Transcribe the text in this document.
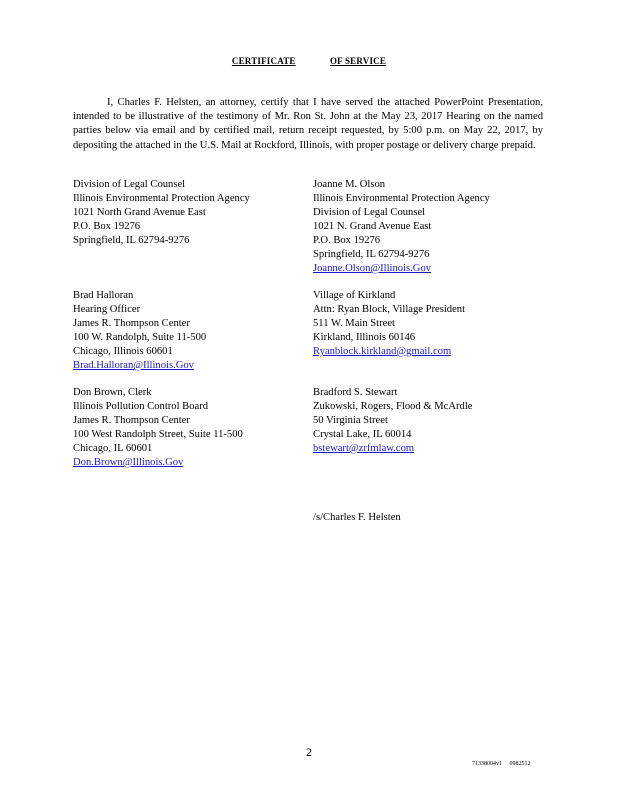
CERTIFICATE	OF SERVICE
I, Charles F. Helsten, an attorney, certify that I have served the attached PowerPoint Presentation, intended to be illustrative of the testimony of Mr. Ron St. John at the May 23, 2017 Hearing on the named parties below via email and by certified mail, return receipt requested, by 5:00 p.m. on May 22, 2017, by depositing the attached in the U.S. Mail at Rockford, Illinois, with proper postage or delivery charge prepaid.
Division of Legal Counsel
Illinois Environmental Protection Agency
1021 North Grand Avenue East
P.O. Box 19276
Springfield, IL 62794-9276
Joanne M. Olson
Illinois Environmental Protection Agency
Division of Legal Counsel
1021 N. Grand Avenue East
P.O. Box 19276
Springfield, IL 62794-9276
Joanne.Olson@Illinois.Gov
Brad Halloran
Hearing Officer
James R. Thompson Center
100 W. Randolph, Suite 11-500
Chicago, Illinois 60601
Brad.Halloran@Illinois.Gov
Village of Kirkland
Attn: Ryan Block, Village President
511 W. Main Street
Kirkland, Illinois 60146
Ryanblock.kirkland@gmail.com
Don Brown, Clerk
Illinois Pollution Control Board
James R. Thompson Center
100 West Randolph Street, Suite 11-500
Chicago, IL 60601
Don.Brown@Illinois.Gov
Bradford S. Stewart
Zukowski, Rogers, Flood & McArdle
50 Virginia Street
Crystal Lake, IL 60014
bstewart@zrfmlaw.com
/s/Charles F. Helsten
2
71338004v1 0982512
